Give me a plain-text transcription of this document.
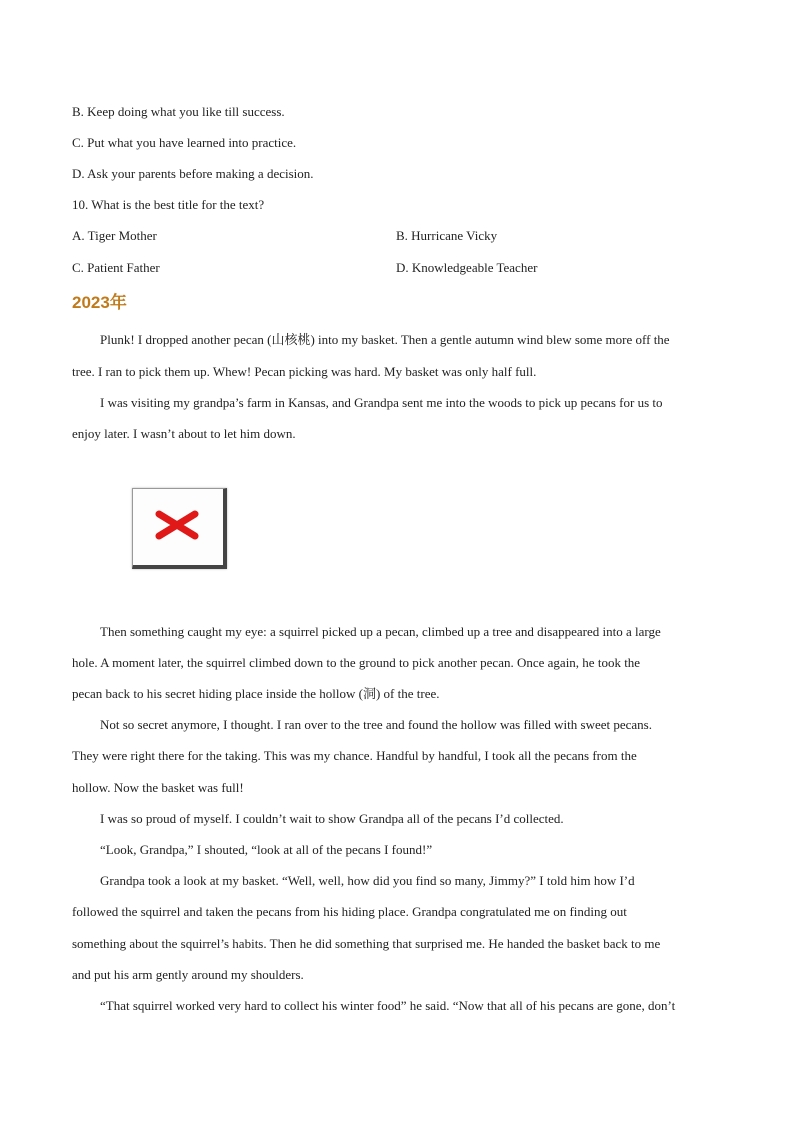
B. Keep doing what you like till success.
C. Put what you have learned into practice.
D. Ask your parents before making a decision.
10. What is the best title for the text?
A. Tiger Mother	B. Hurricane Vicky
C. Patient Father	D. Knowledgeable Teacher
2023年
Plunk! I dropped another pecan (山核桃) into my basket. Then a gentle autumn wind blew some more off the
tree. I ran to pick them up. Whew! Pecan picking was hard. My basket was only half full.
I was visiting my grandpa’s farm in Kansas, and Grandpa sent me into the woods to pick up pecans for us to
enjoy later. I wasn’t about to let him down.
Then something caught my eye: a squirrel picked up a pecan, climbed up a tree and disappeared into a large
hole. A moment later, the squirrel climbed down to the ground to pick another pecan. Once again, he took the
pecan back to his secret hiding place inside the hollow (洞) of the tree.
Not so secret anymore, I thought. I ran over to the tree and found the hollow was filled with sweet pecans.
They were right there for the taking. This was my chance. Handful by handful, I took all the pecans from the
hollow. Now the basket was full!
I was so proud of myself. I couldn’t wait to show Grandpa all of the pecans I’d collected.
“Look, Grandpa,” I shouted, “look at all of the pecans I found!”
Grandpa took a look at my basket. “Well, well, how did you find so many, Jimmy?” I told him how I’d
followed the squirrel and taken the pecans from his hiding place. Grandpa congratulated me on finding out
something about the squirrel’s habits. Then he did something that surprised me. He handed the basket back to me
and put his arm gently around my shoulders.
“That squirrel worked very hard to collect his winter food” he said. “Now that all of his pecans are gone, don’t
